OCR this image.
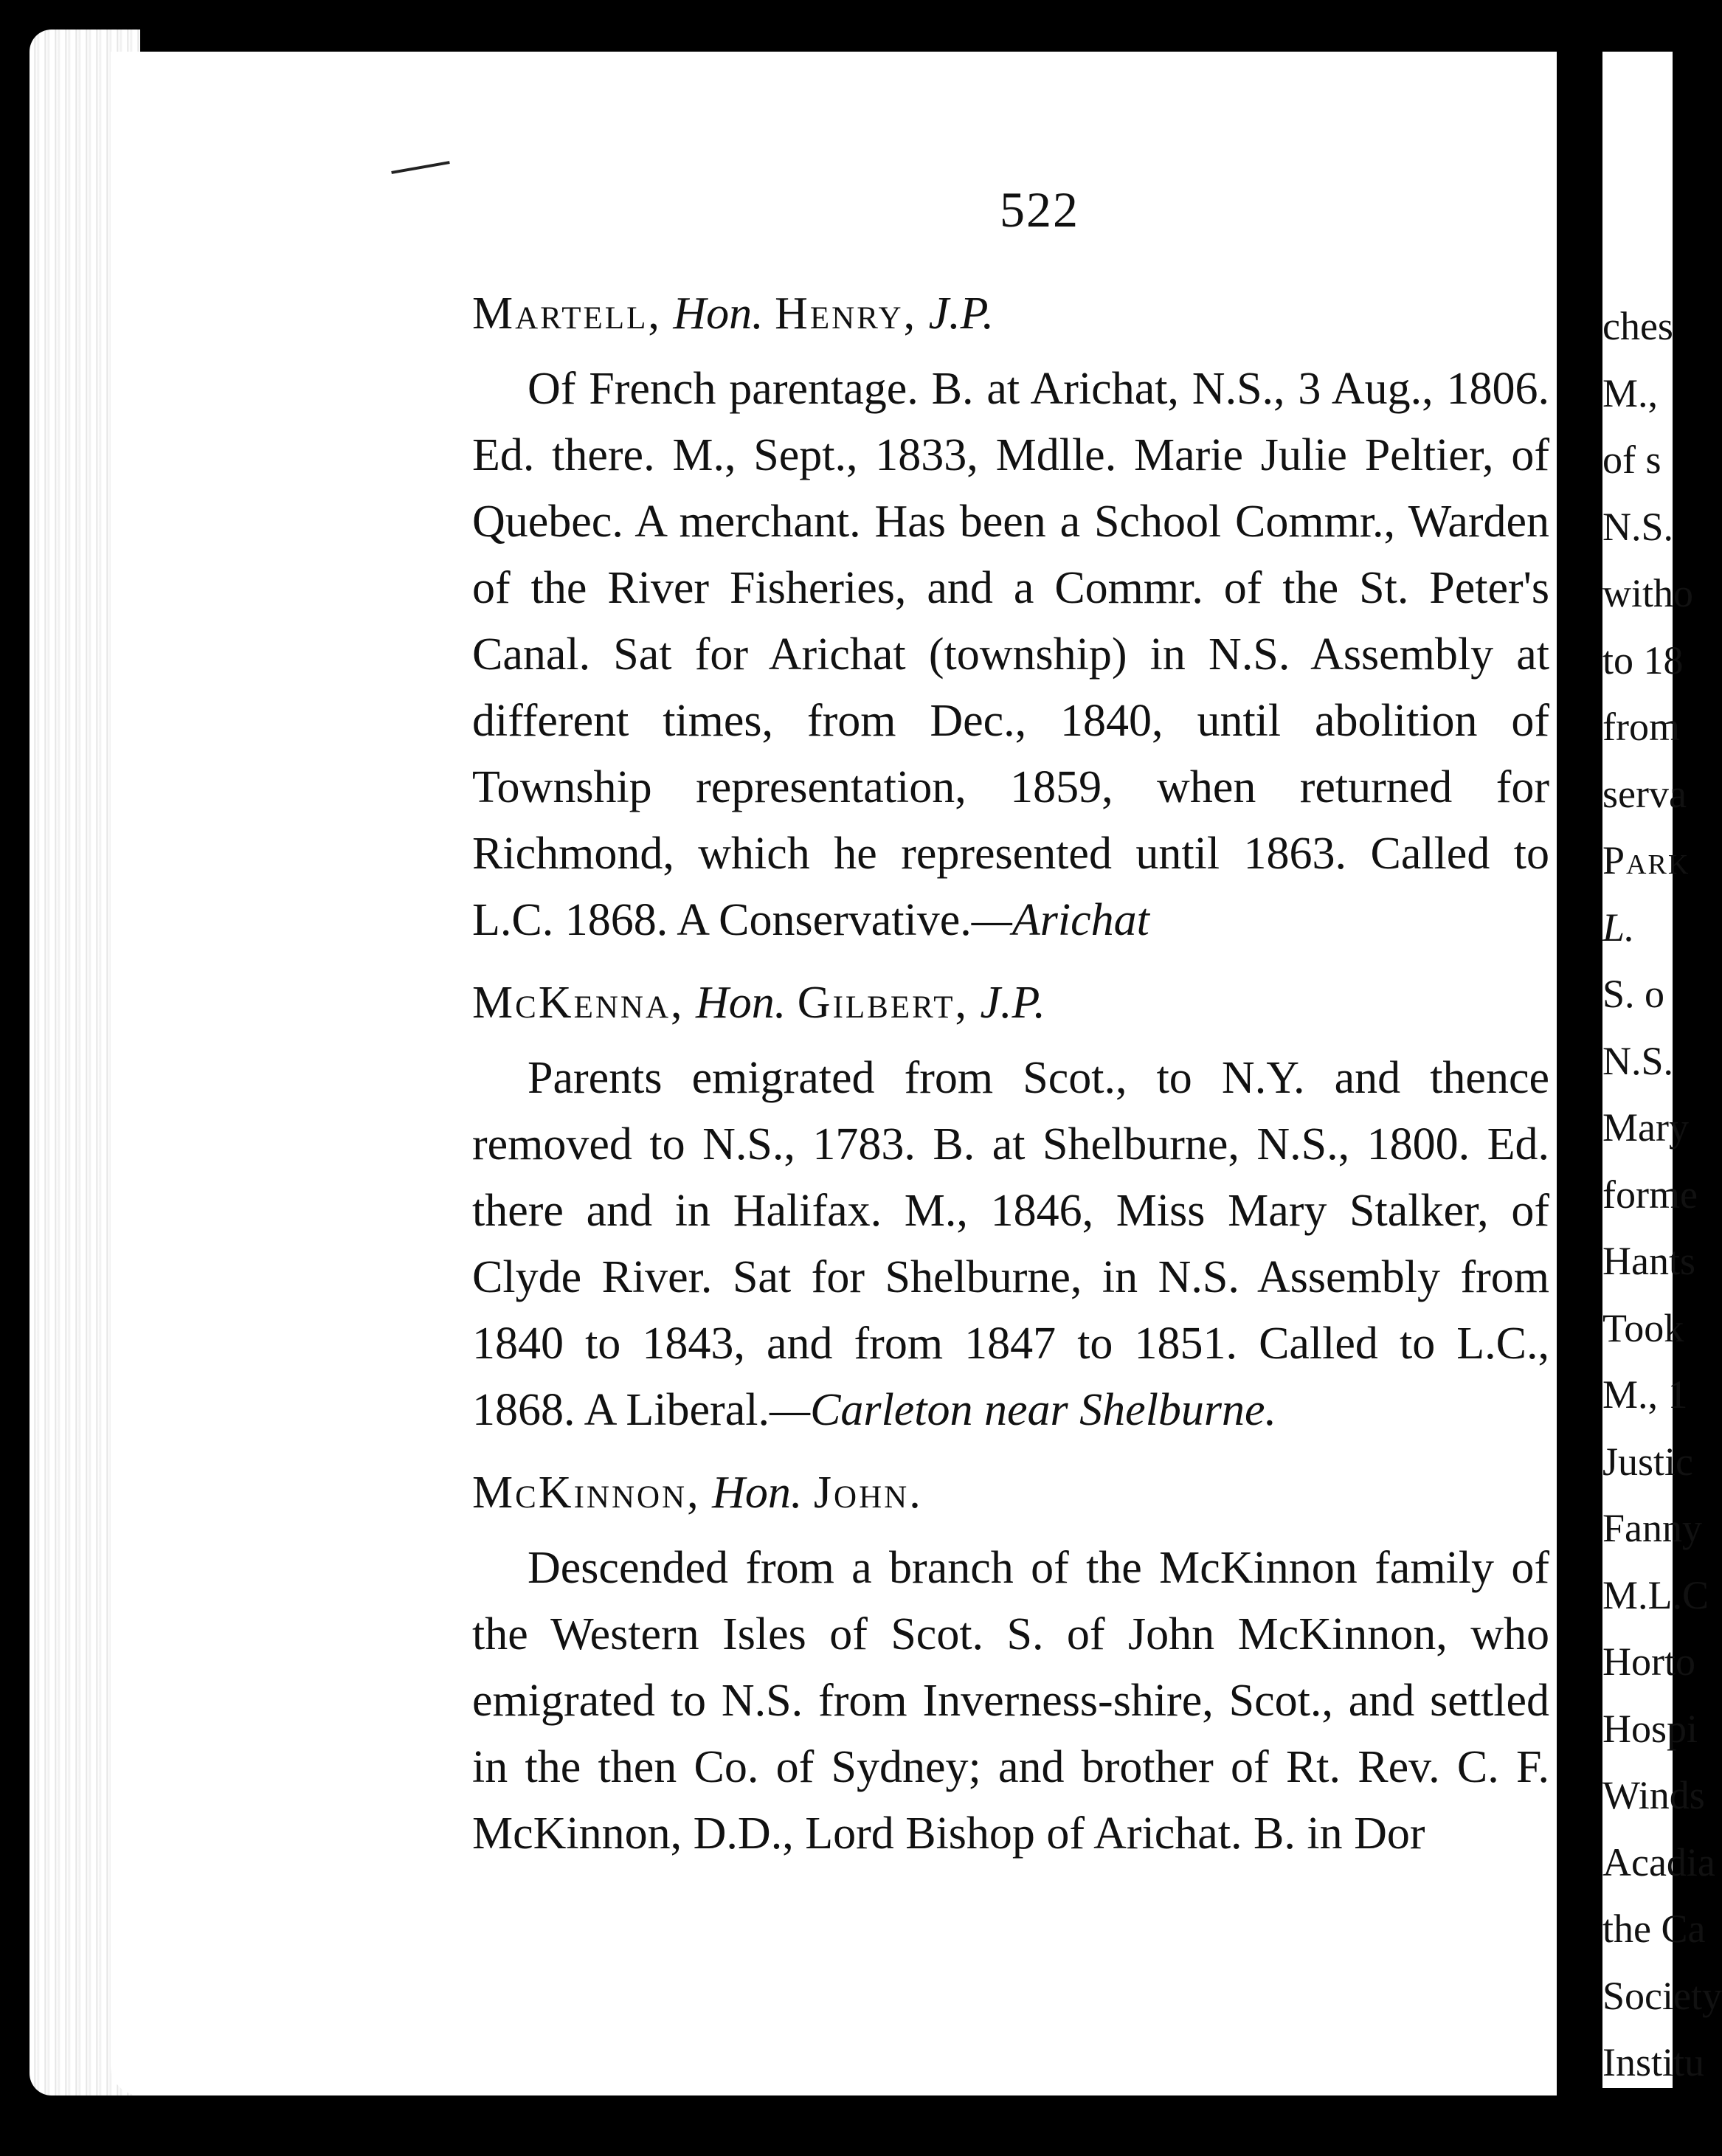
522
Martell, Hon. Henry, J.P.

Of French parentage. B. at Arichat, N.S., 3 Aug., 1806. Ed. there. M., Sept., 1833, Mdlle. Marie Julie Peltier, of Quebec. A merchant. Has been a School Commr., Warden of the River Fisheries, and a Commr. of the St. Peter's Canal. Sat for Arichat (township) in N.S. Assembly at different times, from Dec., 1840, until abolition of Township representation, 1859, when returned for Richmond, which he represented until 1863. Called to L.C. 1868. A Conservative.—Arichat

McKenna, Hon. Gilbert, J.P.

Parents emigrated from Scot., to N.Y. and thence removed to N.S., 1783. B. at Shelburne, N.S., 1800. Ed. there and in Halifax. M., 1846, Miss Mary Stalker, of Clyde River. Sat for Shelburne, in N.S. Assembly from 1840 to 1843, and from 1847 to 1851. Called to L.C., 1868. A Liberal.—Carleton near Shelburne.

McKinnon, Hon. John.

Descended from a branch of the McKinnon family of the Western Isles of Scot. S. of John McKinnon, who emigrated to N.S. from Inverness-shire, Scot., and settled in the then Co. of Sydney; and brother of Rt. Rev. C. F. McKinnon, D.D., Lord Bishop of Arichat. B. in Dor

ches
M.,
of s
N.S.
witho
to 18
from
serva
Park
L.
S. o
N.S.
Mary
forme
Hants
Took
M., 1
Justic
Fanny
M.L.C
Horto
Hospi
Winds
Acadia
the Ca
Society
Institu
